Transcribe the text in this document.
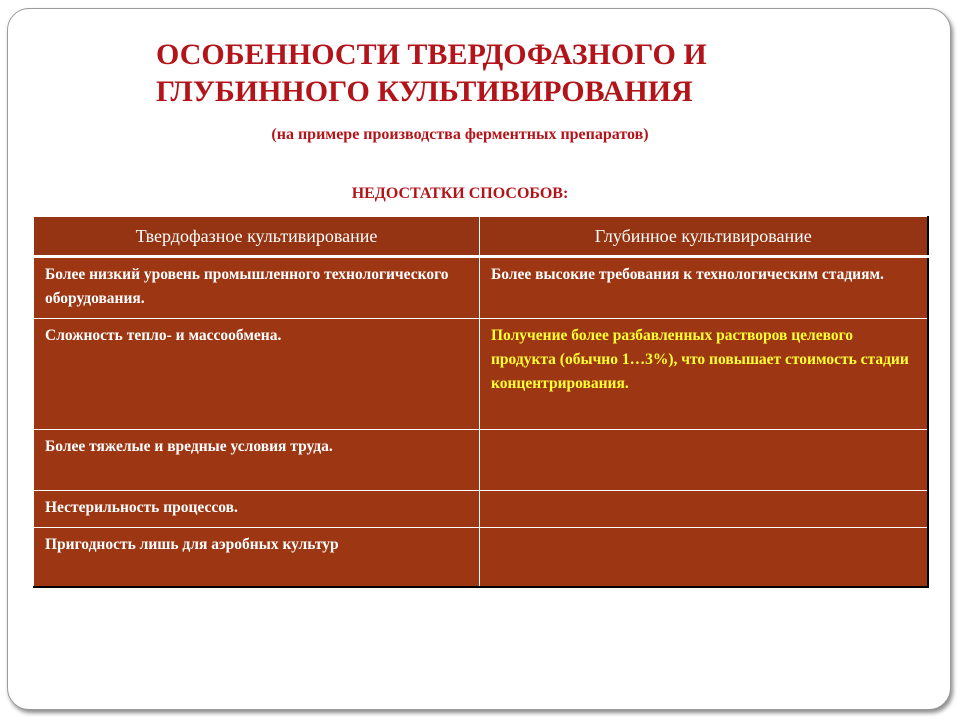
ОСОБЕННОСТИ ТВЕРДОФАЗНОГО И
ГЛУБИННОГО КУЛЬТИВИРОВАНИЯ
(на примере производства ферментных препаратов)
НЕДОСТАТКИ СПОСОБОВ:
Твердофазное культивирование	Глубинное культивирование
Более низкий уровень промышленного технологического оборудования.	Более высокие требования к технологическим стадиям.
Сложность тепло- и массообмена.	Получение более разбавленных растворов целевого продукта (обычно 1…3%), что повышает стоимость стадии концентрирования.
Более тяжелые и вредные условия труда.	
Нестерильность процессов.	
Пригодность лишь для аэробных культур	
